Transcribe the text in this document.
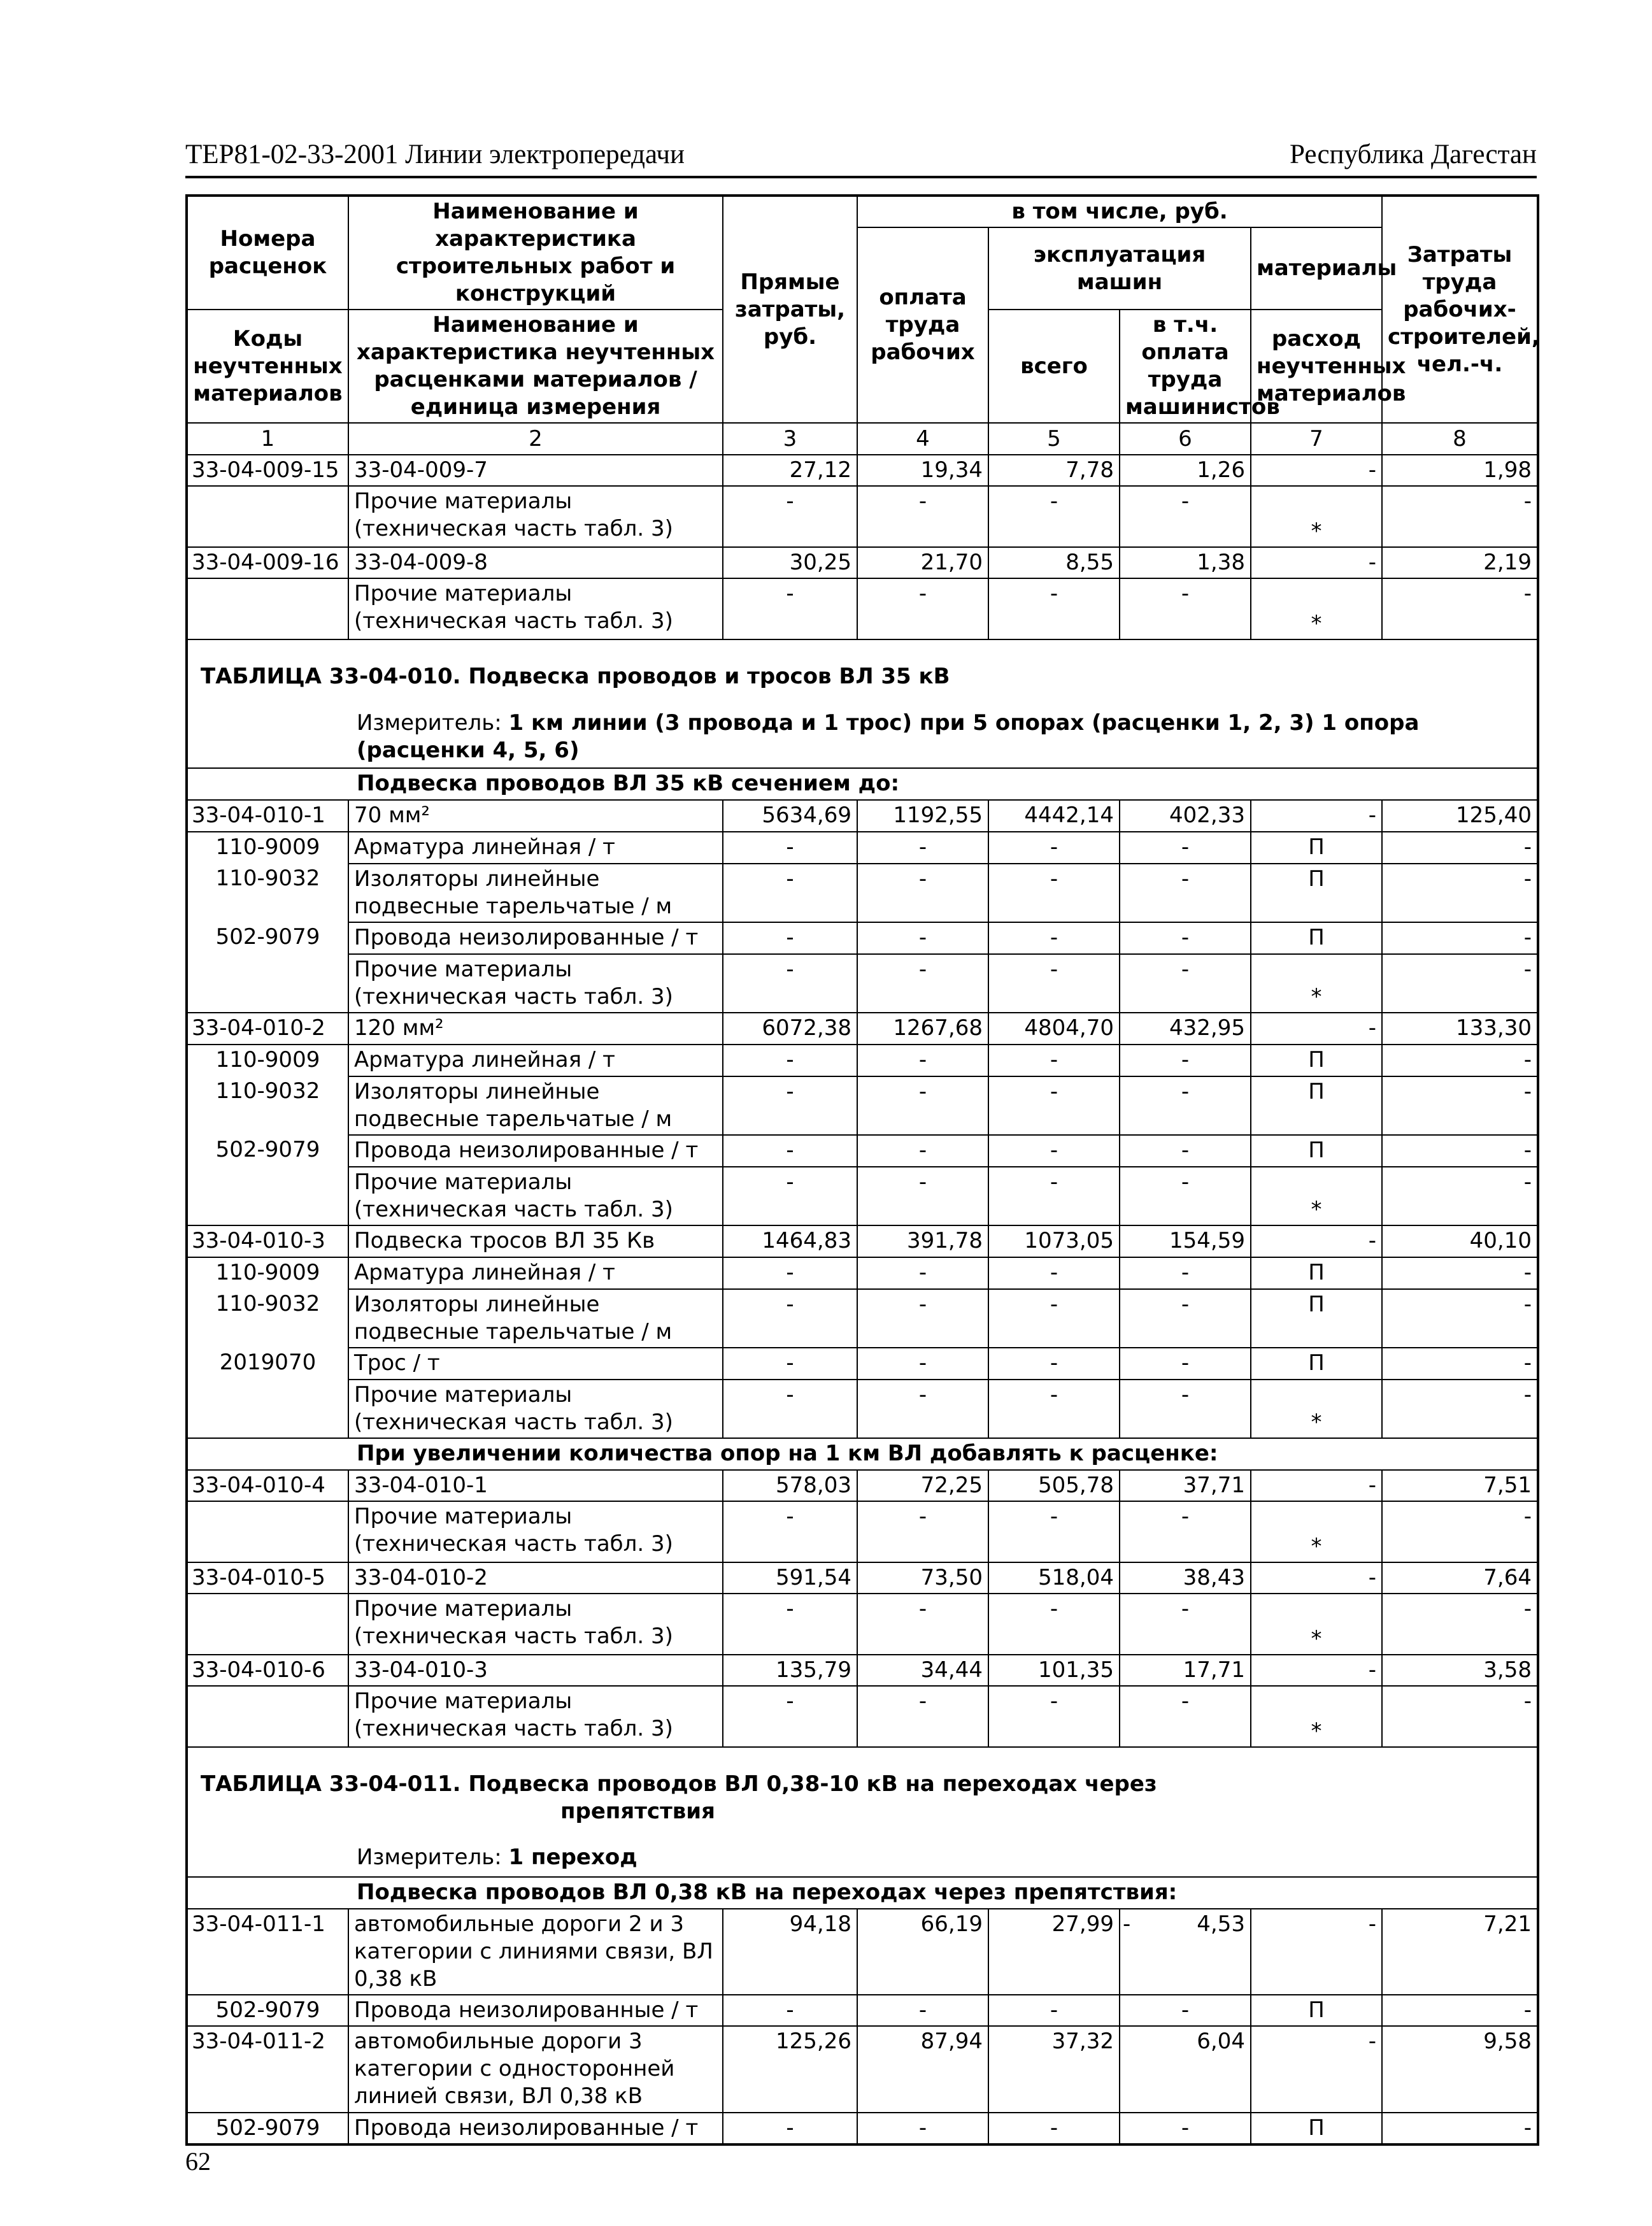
ТЕР81-02-33-2001 Линии электропередачи	Республика Дагестан
Номера расценок	Наименование и характеристика строительных работ и конструкций	Прямые затраты, руб.	в том числе, руб.				Затраты труда рабочих-строителей, чел.-ч.
			оплата труда рабочих	эксплуатация машин		материалы	
Коды неучтенных материалов	Наименование и характеристика неучтенных расценками материалов / единица измерения			всего	в т.ч. оплата труда машинистов	расход неучтенных материалов	

1	2	3	4	5	6	7	8
33-04-009-15	33-04-009-7	27,12	19,34	7,78	1,26	-	1,98
	Прочие материалы (техническая часть табл. 3)	-	-	-	-	*	-
33-04-009-16	33-04-009-8	30,25	21,70	8,55	1,38	-	2,19
	Прочие материалы (техническая часть табл. 3)	-	-	-	-	*	-
ТАБЛИЦА 33-04-010. Подвеска проводов и тросов ВЛ 35 кВ							
Измеритель: 1 км линии (3 провода и 1 трос) при 5 опорах (расценки 1, 2, 3) 1 опора (расценки 4, 5, 6)							
Подвеска проводов ВЛ 35 кВ сечением до:							
33-04-010-1	70 мм²	5634,69	1192,55	4442,14	402,33	-	125,40
110-9009	Арматура линейная / т	-	-	-	-	П	-
110-9032	Изоляторы линейные подвесные тарельчатые / м	-	-	-	-	П	-
502-9079	Провода неизолированные / т	-	-	-	-	П	-
	Прочие материалы (техническая часть табл. 3)	-	-	-	-	*	-
33-04-010-2	120 мм²	6072,38	1267,68	4804,70	432,95	-	133,30
110-9009	Арматура линейная / т	-	-	-	-	П	-
110-9032	Изоляторы линейные подвесные тарельчатые / м	-	-	-	-	П	-
502-9079	Провода неизолированные / т	-	-	-	-	П	-
	Прочие материалы (техническая часть табл. 3)	-	-	-	-	*	-
33-04-010-3	Подвеска тросов ВЛ 35 Кв	1464,83	391,78	1073,05	154,59	-	40,10
110-9009	Арматура линейная / т	-	-	-	-	П	-
110-9032	Изоляторы линейные подвесные тарельчатые / м	-	-	-	-	П	-
2019070	Трос / т	-	-	-	-	П	-
	Прочие материалы (техническая часть табл. 3)	-	-	-	-	*	-
При увеличении количества опор на 1 км ВЛ добавлять к расценке:							
33-04-010-4	33-04-010-1	578,03	72,25	505,78	37,71	-	7,51
	Прочие материалы (техническая часть табл. 3)	-	-	-	-	*	-
33-04-010-5	33-04-010-2	591,54	73,50	518,04	38,43	-	7,64
	Прочие материалы (техническая часть табл. 3)	-	-	-	-	*	-
33-04-010-6	33-04-010-3	135,79	34,44	101,35	17,71	-	3,58
	Прочие материалы (техническая часть табл. 3)	-	-	-	-	*	-
ТАБЛИЦА 33-04-011. Подвеска проводов ВЛ 0,38-10 кВ на переходах через
препятствия							
Измеритель: 1 переход							
Подвеска проводов ВЛ 0,38 кВ на переходах через препятствия:							
33-04-011-1	автомобильные дороги 2 и 3 категории с линиями связи, ВЛ 0,38 кВ	94,18	66,19	27,99	- 4,53	-	7,21
502-9079	Провода неизолированные / т	-	-	-	-	П	-
33-04-011-2	автомобильные дороги 3 категории с односторонней линией связи, ВЛ 0,38 кВ	125,26	87,94	37,32	6,04	-	9,58
502-9079	Провода неизолированные / т	-	-	-	-	П	-
62
